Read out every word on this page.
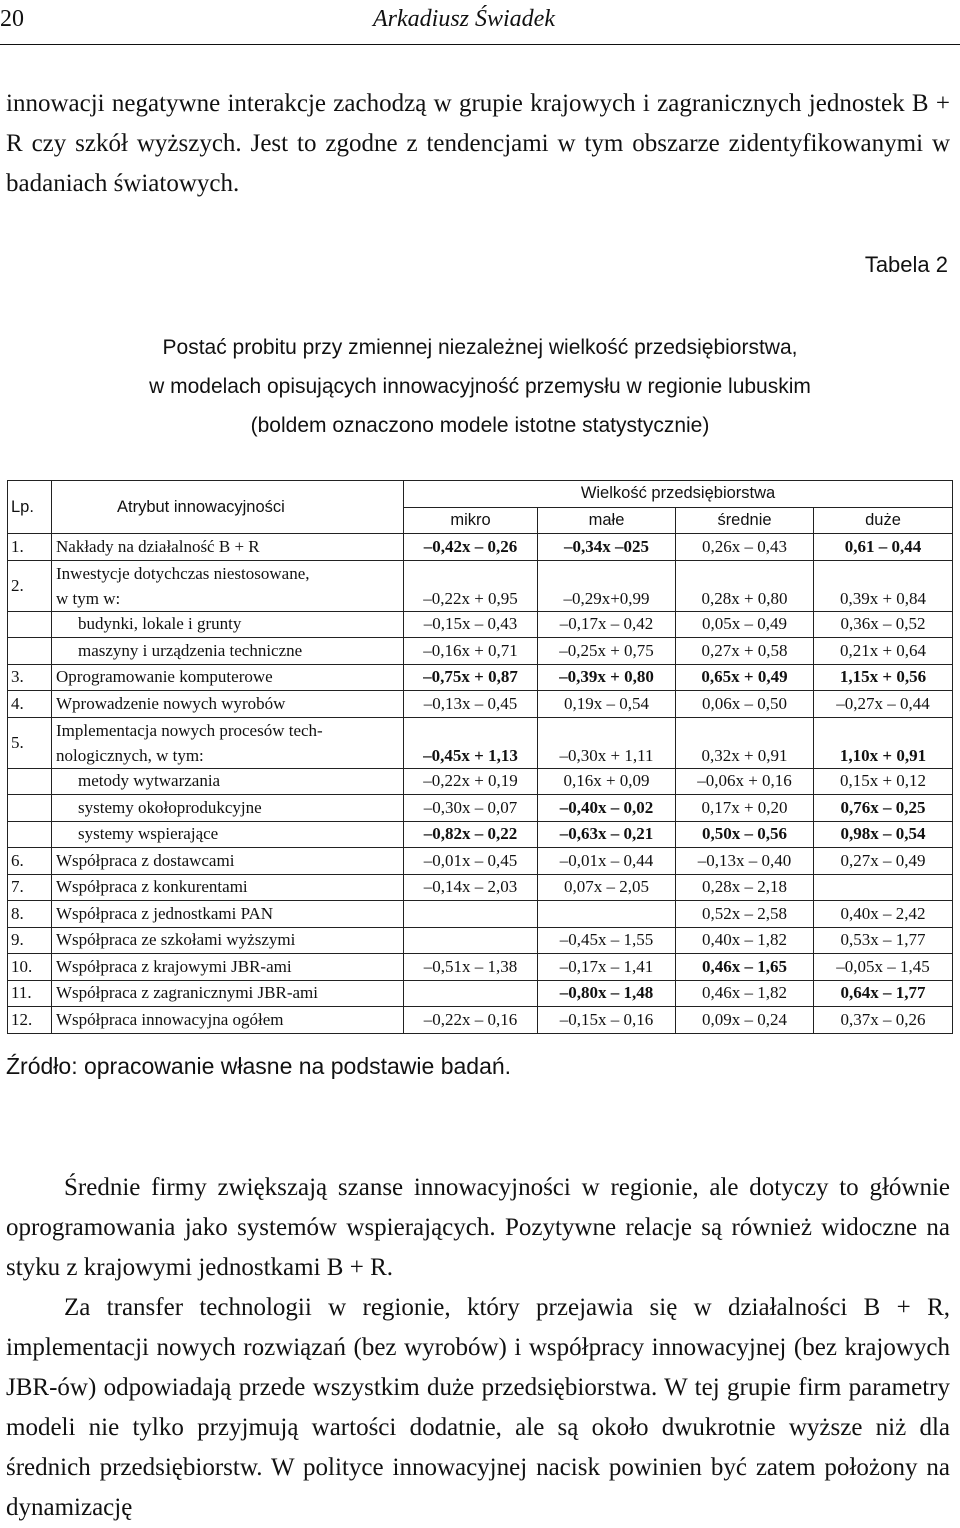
20	Arkadiusz Świadek
innowacji negatywne interakcje zachodzą w grupie krajowych i zagranicznych jednostek B + R czy szkół wyższych. Jest to zgodne z tendencjami w tym obszarze zidentyfikowanymi w badaniach światowych.
Tabela 2
Postać probitu przy zmiennej niezależnej wielkość przedsiębiorstwa,
w modelach opisujących innowacyjność przemysłu w regionie lubuskim
(boldem oznaczono modele istotne statystycznie)
Lp.	Atrybut innowacyjności	Wielkość przedsiębiorstwa			
		mikro	małe	średnie	duże
1.	Nakłady na działalność B + R	–0,42x – 0,26	–0,34x –025	0,26x – 0,43	0,61 – 0,44
2.	Inwestycje dotychczas niestosowane,
w tym w:	–0,22x + 0,95	–0,29x+0,99	0,28x + 0,80	0,39x + 0,84
	budynki, lokale i grunty	–0,15x – 0,43	–0,17x – 0,42	0,05x – 0,49	0,36x – 0,52
	maszyny i urządzenia techniczne	–0,16x + 0,71	–0,25x + 0,75	0,27x + 0,58	0,21x + 0,64
3.	Oprogramowanie komputerowe	–0,75x + 0,87	–0,39x + 0,80	0,65x + 0,49	1,15x + 0,56
4.	Wprowadzenie nowych wyrobów	–0,13x – 0,45	0,19x – 0,54	0,06x – 0,50	–0,27x – 0,44
5.	Implementacja nowych procesów tech-
nologicznych, w tym:	–0,45x + 1,13	–0,30x + 1,11	0,32x + 0,91	1,10x + 0,91
	metody wytwarzania	–0,22x + 0,19	0,16x + 0,09	–0,06x + 0,16	0,15x + 0,12
	systemy okołoprodukcyjne	–0,30x – 0,07	–0,40x – 0,02	0,17x + 0,20	0,76x – 0,25
	systemy wspierające	–0,82x – 0,22	–0,63x – 0,21	0,50x – 0,56	0,98x – 0,54
6.	Współpraca z dostawcami	–0,01x – 0,45	–0,01x – 0,44	–0,13x – 0,40	0,27x – 0,49
7.	Współpraca z konkurentami	–0,14x – 2,03	0,07x – 2,05	0,28x – 2,18	
8.	Współpraca z jednostkami PAN			0,52x – 2,58	0,40x – 2,42
9.	Współpraca ze szkołami wyższymi		–0,45x – 1,55	0,40x – 1,82	0,53x – 1,77
10.	Współpraca z krajowymi JBR-ami	–0,51x – 1,38	–0,17x – 1,41	0,46x – 1,65	–0,05x – 1,45
11.	Współpraca z zagranicznymi JBR-ami		–0,80x – 1,48	0,46x – 1,82	0,64x – 1,77
12.	Współpraca innowacyjna ogółem	–0,22x – 0,16	–0,15x – 0,16	0,09x – 0,24	0,37x – 0,26
Źródło: opracowanie własne na podstawie badań.
Średnie firmy zwiększają szanse innowacyjności w regionie, ale dotyczy to głównie oprogramowania jako systemów wspierających. Pozytywne relacje są również widoczne na styku z krajowymi jednostkami B + R.
Za transfer technologii w regionie, który przejawia się w działalności B + R, implementacji nowych rozwiązań (bez wyrobów) i współpracy innowacyjnej (bez krajowych JBR-ów) odpowiadają przede wszystkim duże przedsiębiorstwa. W tej grupie firm parametry modeli nie tylko przyjmują wartości dodatnie, ale są około dwukrotnie wyższe niż dla średnich przedsiębiorstw. W polityce innowacyjnej nacisk powinien być zatem położony na dynamizację
